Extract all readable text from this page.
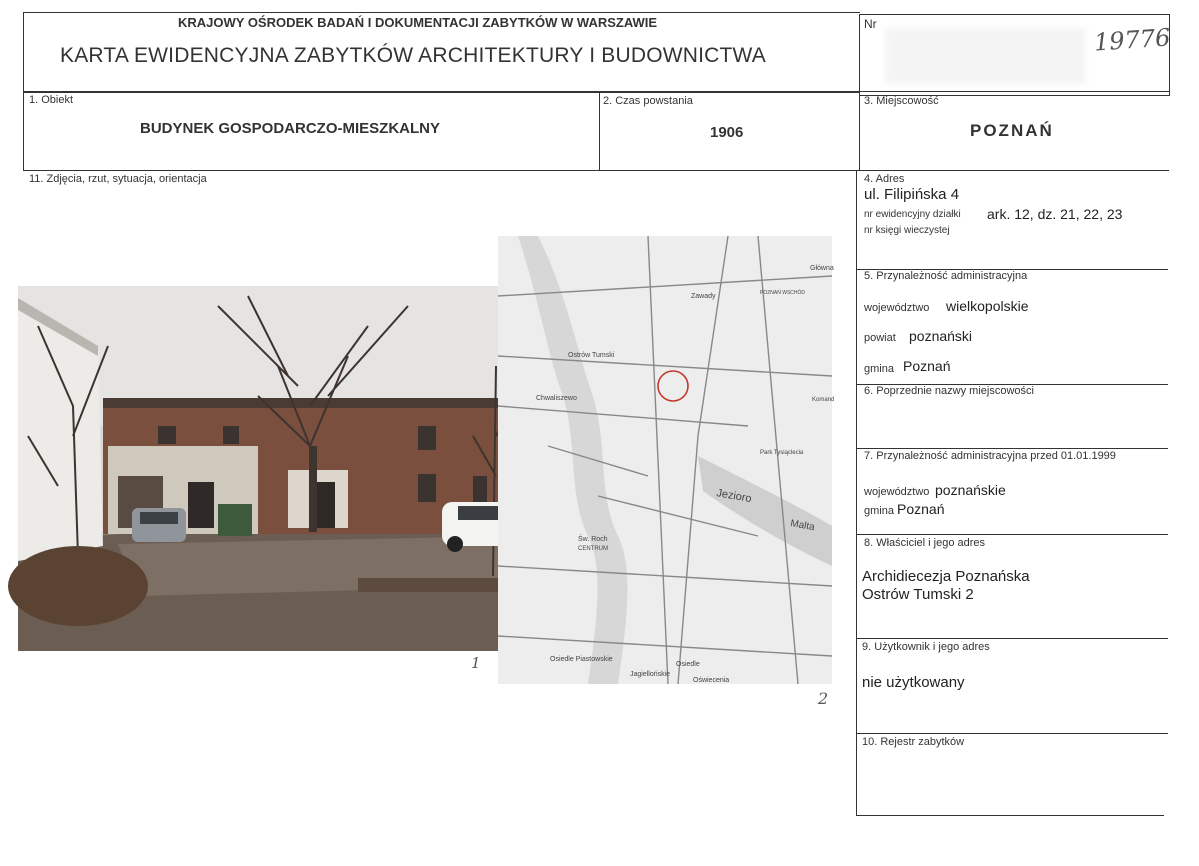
KRAJOWY OŚRODEK BADAŃ I DOKUMENTACJI ZABYTKÓW W WARSZAWIE
KARTA EWIDENCYJNA ZABYTKÓW ARCHITEKTURY I BUDOWNICTWA
Nr	19776
1. Obiekt
BUDYNEK GOSPODARCZO-MIESZKALNY
2. Czas powstania
1906
3. Miejscowość
POZNAŃ
11. Zdjęcia, rzut, sytuacja, orientacja	4. Adres
ul. Filipińska 4
nr ewidencyjny działki ark. 12, dz. 21, 22, 23
nr księgi wieczystej
5. Przynależność administracyjna
województwo wielkopolskie
powiat poznański
gmina Poznań
6. Poprzednie nazwy miejscowości
7. Przynależność administracyjna przed 01.01.1999
województwo poznańskie
gmina Poznań
8. Właściciel i jego adres
Archidiecezja Poznańska
Ostrów Tumski 2
9. Użytkownik i jego adres
nie użytkowany
10. Rejestr zabytków
1
Ostrów Tumski
Chwaliszewo
Zawady
Jezioro
Malta
Św. Roch
CENTRUM
Osiedle Piastowskie
Osiedle
Jagiellońskie
Oświecenia
Główna
POZNAŃ WSCHÓD
Park Tysiąclecia
Komand
2
